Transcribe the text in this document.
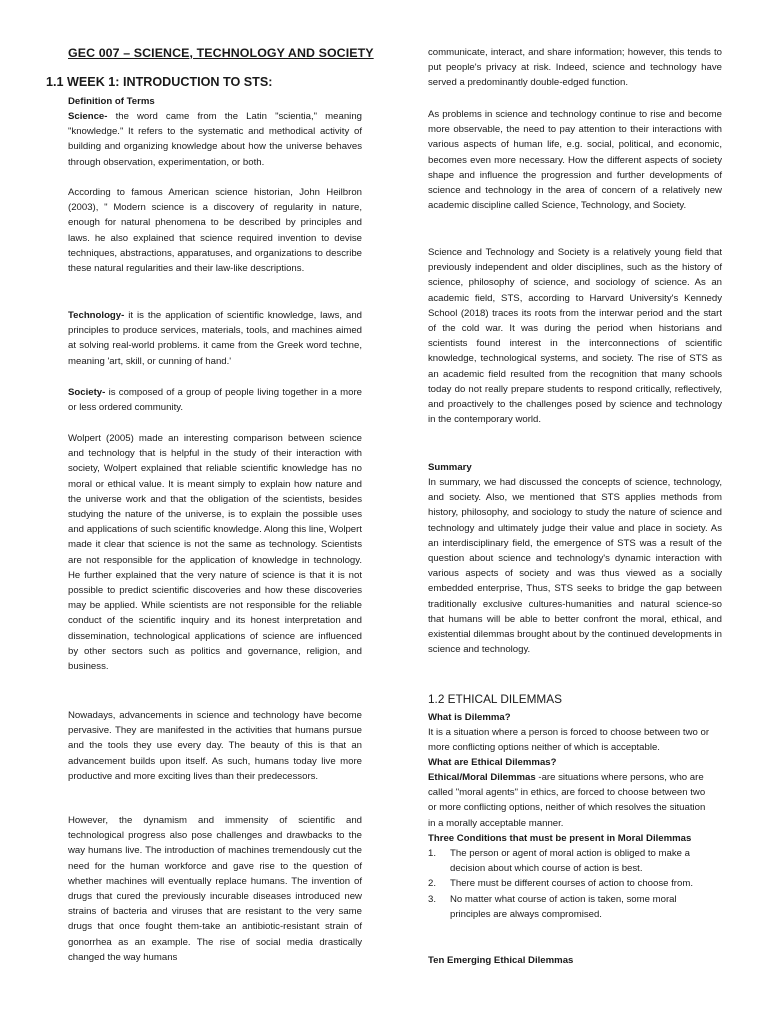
GEC 007 – SCIENCE, TECHNOLOGY AND SOCIETY
1.1 WEEK 1: INTRODUCTION TO STS:
Definition of Terms

Science- the word came from the Latin "scientia," meaning "knowledge." It refers to the systematic and methodical activity of building and organizing knowledge about how the universe behaves through observation, experimentation, or both.

According to famous American science historian, John Heilbron (2003), " Modern science is a discovery of regularity in nature, enough for natural phenomena to be described by principles and laws. he also explained that science required invention to devise techniques, abstractions, apparatuses, and organizations to describe these natural regularities and their law-like descriptions.

Technology- it is the application of scientific knowledge, laws, and principles to produce services, materials, tools, and machines aimed at solving real-world problems. it came from the Greek word techne, meaning 'art, skill, or cunning of hand.'

Society- is composed of a group of people living together in a more or less ordered community.

Wolpert (2005) made an interesting comparison between science and technology that is helpful in the study of their interaction with society, Wolpert explained that reliable scientific knowledge has no moral or ethical value. It is meant simply to explain how nature and the universe work and that the obligation of the scientists, besides studying the nature of the universe, is to explain the possible uses and applications of such scientific knowledge. Along this line, Wolpert made it clear that science is not the same as technology. Scientists are not responsible for the application of knowledge in technology. He further explained that the very nature of science is that it is not possible to predict scientific discoveries and how these discoveries may be applied. While scientists are not responsible for the reliable conduct of the scientific inquiry and its honest interpretation and dissemination, technological applications of science are influenced by other sectors such as politics and governance, religion, and business.

Nowadays, advancements in science and technology have become pervasive. They are manifested in the activities that humans pursue and the tools they use every day. The beauty of this is that an advancement builds upon itself. As such, humans today live more productive and more exciting lives than their predecessors.

However, the dynamism and immensity of scientific and technological progress also pose challenges and drawbacks to the way humans live. The introduction of machines tremendously cut the need for the human workforce and gave rise to the question of whether machines will eventually replace humans. The invention of drugs that cured the previously incurable diseases introduced new strains of bacteria and viruses that are resistant to the very same drugs that once fought them-take an antibiotic-resistant strain of gonorrhea as an example. The rise of social media drastically changed the way humans

communicate, interact, and share information; however, this tends to put people's privacy at risk. Indeed, science and technology have served a predominantly double-edged function.

As problems in science and technology continue to rise and become more observable, the need to pay attention to their interactions with various aspects of human life, e.g. social, political, and economic, becomes even more necessary. How the different aspects of society shape and influence the progression and further developments of science and technology in the area of concern of a relatively new academic discipline called Science, Technology, and Society.

Science and Technology and Society is a relatively young field that previously independent and older disciplines, such as the history of science, philosophy of science, and sociology of science. As an academic field, STS, according to Harvard University's Kennedy School (2018) traces its roots from the interwar period and the start of the cold war. It was during the period when historians and scientists found interest in the interconnections of scientific knowledge, technological systems, and society. The rise of STS as an academic field resulted from the recognition that many schools today do not really prepare students to respond critically, reflectively, and proactively to the challenges posed by science and technology in the contemporary world.

Summary

In summary, we had discussed the concepts of science, technology, and society. Also, we mentioned that STS applies methods from history, philosophy, and sociology to study the nature of science and technology and ultimately judge their value and place in society. As an interdisciplinary field, the emergence of STS was a result of the question about science and technology's dynamic interaction with various aspects of society and was thus viewed as a socially embedded enterprise, Thus, STS seeks to bridge the gap between traditionally exclusive cultures-humanities and natural science-so that humans will be able to better confront the moral, ethical, and existential dilemmas brought about by the continued developments in science and technology.

1.2 ETHICAL DILEMMAS
What is Dilemma?

It is a situation where a person is forced to choose between two or more conflicting options neither of which is acceptable.

What are Ethical Dilemmas?

Ethical/Moral Dilemmas -are situations where persons, who are called "moral agents" in ethics, are forced to choose between two or more conflicting options, neither of which resolves the situation in a morally acceptable manner.

Three Conditions that must be present in Moral Dilemmas
1. The person or agent of moral action is obliged to make a decision about which course of action is best.
2. There must be different courses of action to choose from.
3. No matter what course of action is taken, some moral principles are always compromised.
Ten Emerging Ethical Dilemmas
